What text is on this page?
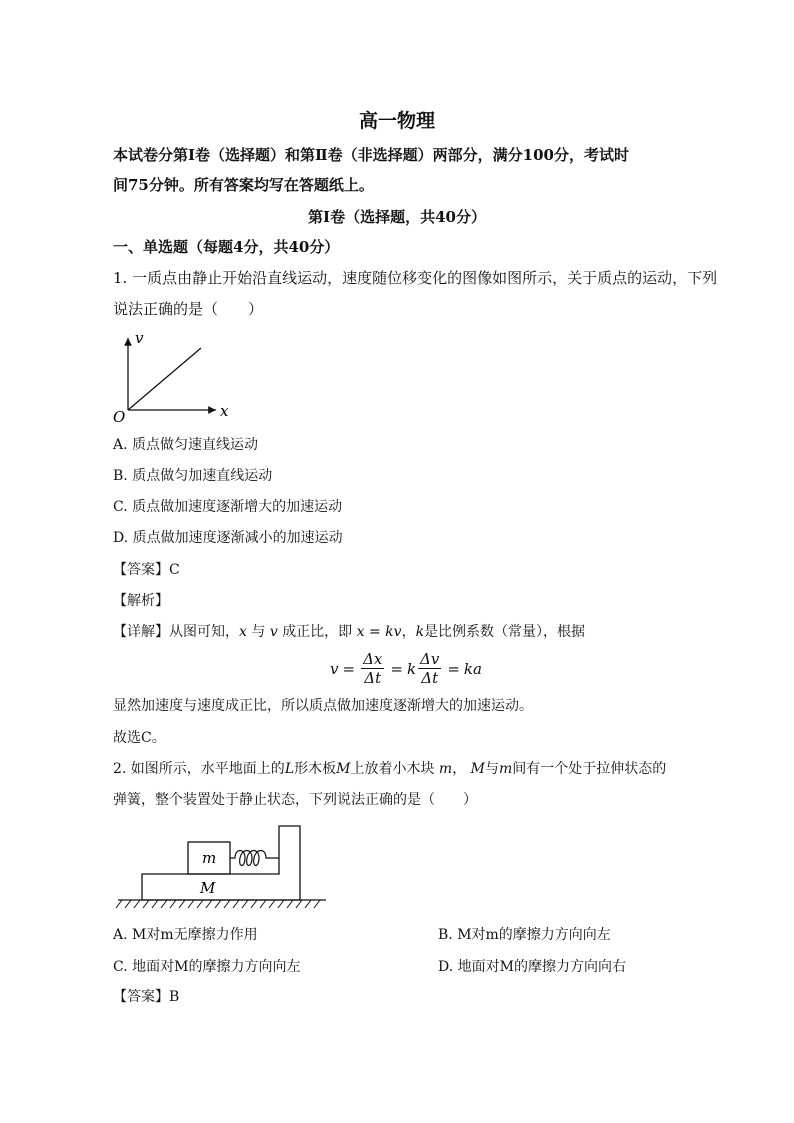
高一物理
本试卷分第Ⅰ卷（选择题）和第Ⅱ卷（非选择题）两部分，满分100分，考试时
间75分钟。所有答案均写在答题纸上。
第Ⅰ卷（选择题，共40分）
一、单选题（每题4分，共40分）
1. 一质点由静止开始沿直线运动，速度随位移变化的图像如图所示，关于质点的运动，下列
说法正确的是（　　）
v
x
O
A. 质点做匀速直线运动
B. 质点做匀加速直线运动
C. 质点做加速度逐渐增大的加速运动
D. 质点做加速度逐渐减小的加速运动
【答案】C
【解析】
【详解】从图可知，x 与 v 成正比，即 x = kv，k是比例系数（常量），根据
$v = \frac{\Delta x}{\Delta t} = k \frac{\Delta v}{\Delta t}$ = ka
显然加速度与速度成正比，所以质点做加速度逐渐增大的加速运动。
故选C。
2. 如图所示，水平地面上的L形木板M上放着小木块 m， M与m间有一个处于拉伸状态的
弹簧，整个装置处于静止状态，下列说法正确的是（　　）
m
M
A. M对m无摩擦力作用	B. M对m的摩擦力方向向左
C. 地面对M的摩擦力方向向左	D. 地面对M的摩擦力方向向右
【答案】B
